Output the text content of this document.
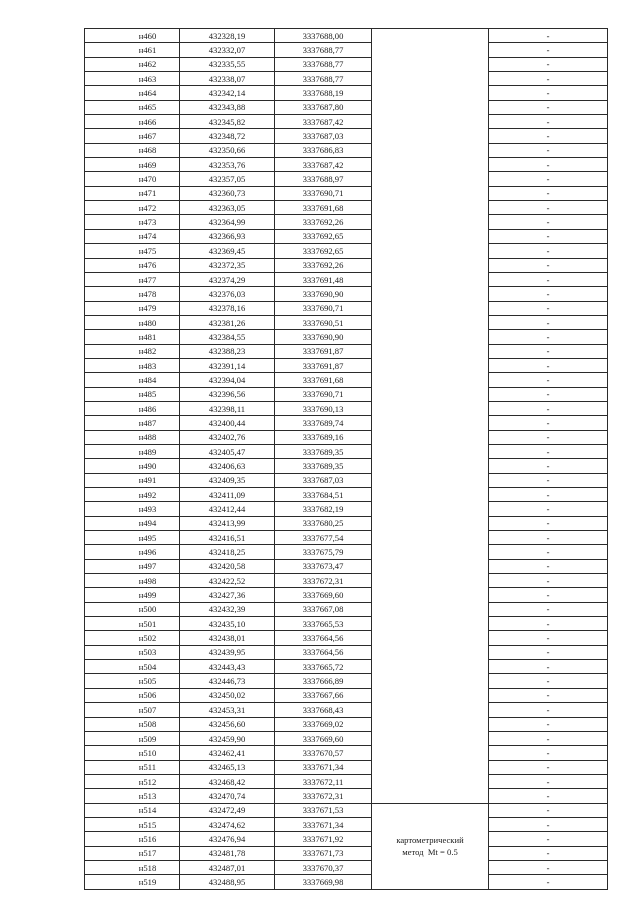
н460	432328,19	3337688,00		-
н461	432332,07	3337688,77		-
н462	432335,55	3337688,77		-
н463	432338,07	3337688,77		-
н464	432342,14	3337688,19		-
н465	432343,88	3337687,80		-
н466	432345,82	3337687,42		-
н467	432348,72	3337687,03		-
н468	432350,66	3337686,83		-
н469	432353,76	3337687,42		-
н470	432357,05	3337688,97		-
н471	432360,73	3337690,71		-
н472	432363,05	3337691,68		-
н473	432364,99	3337692,26		-
н474	432366,93	3337692,65		-
н475	432369,45	3337692,65		-
н476	432372,35	3337692,26		-
н477	432374,29	3337691,48		-
н478	432376,03	3337690,90		-
н479	432378,16	3337690,71		-
н480	432381,26	3337690,51		-
н481	432384,55	3337690,90		-
н482	432388,23	3337691,87		-
н483	432391,14	3337691,87		-
н484	432394,04	3337691,68		-
н485	432396,56	3337690,71		-
н486	432398,11	3337690,13		-
н487	432400,44	3337689,74		-
н488	432402,76	3337689,16		-
н489	432405,47	3337689,35		-
н490	432406,63	3337689,35		-
н491	432409,35	3337687,03		-
н492	432411,09	3337684,51		-
н493	432412,44	3337682,19		-
н494	432413,99	3337680,25		-
н495	432416,51	3337677,54		-
н496	432418,25	3337675,79		-
н497	432420,58	3337673,47		-
н498	432422,52	3337672,31		-
н499	432427,36	3337669,60		-
н500	432432,39	3337667,08		-
н501	432435,10	3337665,53		-
н502	432438,01	3337664,56		-
н503	432439,95	3337664,56		-
н504	432443,43	3337665,72		-
н505	432446,73	3337666,89		-
н506	432450,02	3337667,66		-
н507	432453,31	3337668,43		-
н508	432456,60	3337669,02		-
н509	432459,90	3337669,60		-
н510	432462,41	3337670,57		-
н511	432465,13	3337671,34		-
н512	432468,42	3337672,11		-
н513	432470,74	3337672,31		-
н514	432472,49	3337671,53	картометрический
метод  Mt = 0.5	-
н515	432474,62	3337671,34		-
н516	432476,94	3337671,92		-
н517	432481,78	3337671,73		-
н518	432487,01	3337670,37		-
н519	432488,95	3337669,98		-
